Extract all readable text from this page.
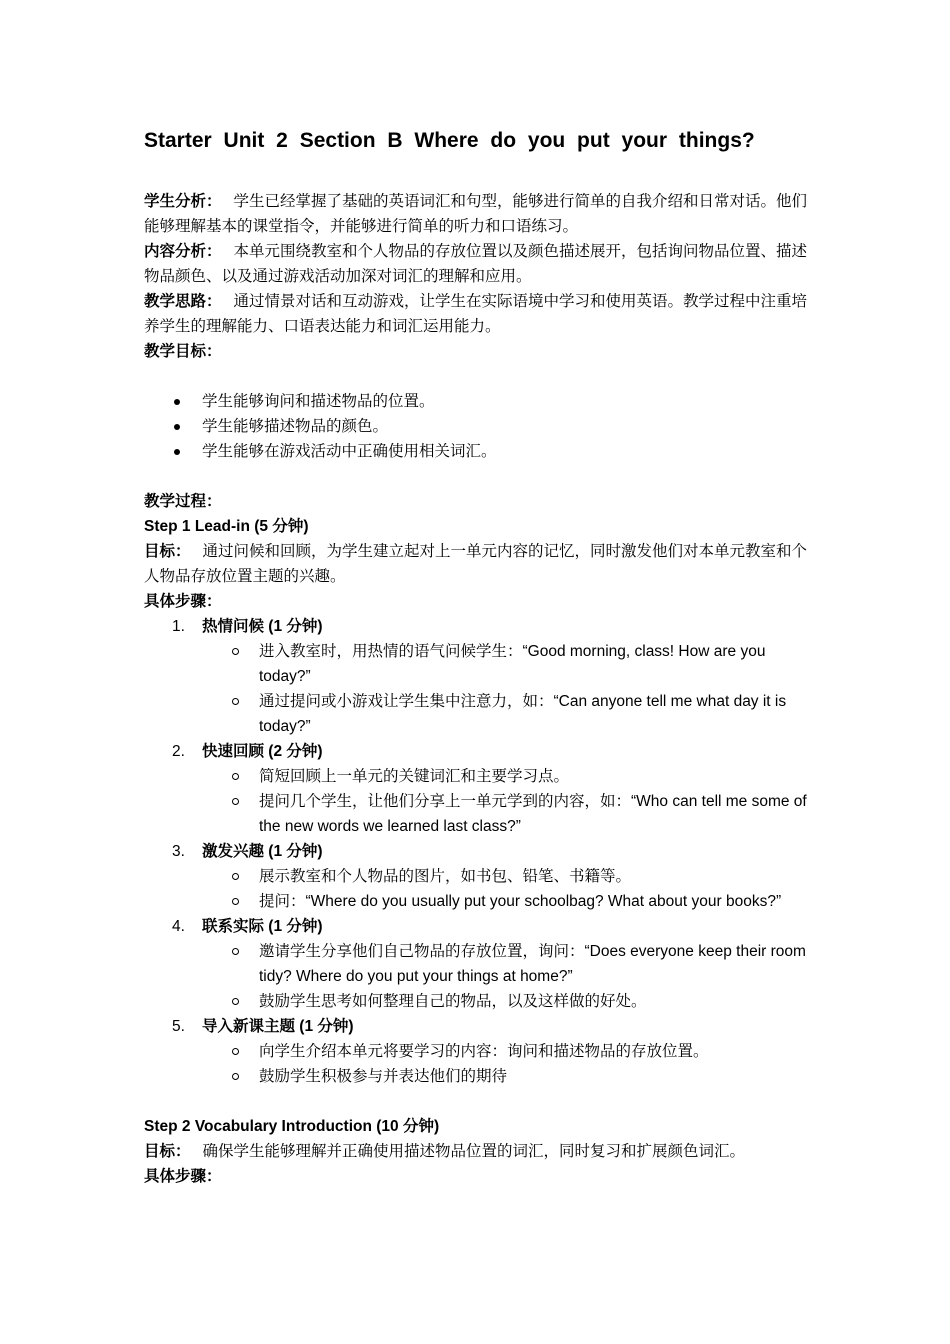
Starter Unit 2 Section B Where do you put your things?

学生分析： 学生已经掌握了基础的英语词汇和句型，能够进行简单的自我介绍和日常对话。他们能够理解基本的课堂指令，并能够进行简单的听力和口语练习。

内容分析： 本单元围绕教室和个人物品的存放位置以及颜色描述展开，包括询问物品位置、描述物品颜色、以及通过游戏活动加深对词汇的理解和应用。

教学思路： 通过情景对话和互动游戏，让学生在实际语境中学习和使用英语。教学过程中注重培养学生的理解能力、口语表达能力和词汇运用能力。

教学目标：

学生能够询问和描述物品的位置。
学生能够描述物品的颜色。
学生能够在游戏活动中正确使用相关词汇。

教学过程：

Step 1 Lead-in (5 分钟)

目标： 通过问候和回顾，为学生建立起对上一单元内容的记忆，同时激发他们对本单元教室和个人物品存放位置主题的兴趣。

具体步骤：

1. 热情问候 (1 分钟)
进入教室时，用热情的语气问候学生：“Good morning, class! How are you today?”
通过提问或小游戏让学生集中注意力，如：“Can anyone tell me what day it is today?”
2. 快速回顾 (2 分钟)
简短回顾上一单元的关键词汇和主要学习点。
提问几个学生，让他们分享上一单元学到的内容，如：“Who can tell me some of the new words we learned last class?”
3. 激发兴趣 (1 分钟)
展示教室和个人物品的图片，如书包、铅笔、书籍等。
提问：“Where do you usually put your schoolbag? What about your books?”
4. 联系实际 (1 分钟)
邀请学生分享他们自己物品的存放位置，询问：“Does everyone keep their room tidy? Where do you put your things at home?”
鼓励学生思考如何整理自己的物品，以及这样做的好处。
5. 导入新课主题 (1 分钟)
向学生介绍本单元将要学习的内容：询问和描述物品的存放位置。
鼓励学生积极参与并表达他们的期待

Step 2 Vocabulary Introduction (10 分钟)

目标： 确保学生能够理解并正确使用描述物品位置的词汇，同时复习和扩展颜色词汇。

具体步骤：
